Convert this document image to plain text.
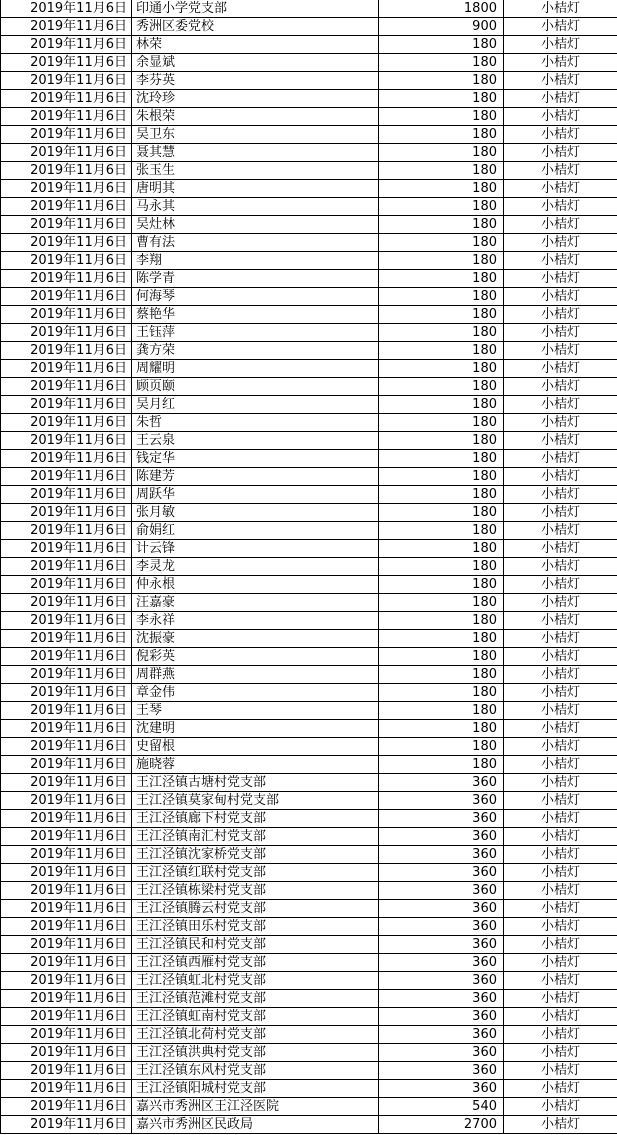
2019年11月6日	印通小学党支部	1800	小桔灯
2019年11月6日	秀洲区委党校	900	小桔灯
2019年11月6日	林荣	180	小桔灯
2019年11月6日	余显斌	180	小桔灯
2019年11月6日	李芬英	180	小桔灯
2019年11月6日	沈玲珍	180	小桔灯
2019年11月6日	朱根荣	180	小桔灯
2019年11月6日	吴卫东	180	小桔灯
2019年11月6日	聂其慧	180	小桔灯
2019年11月6日	张玉生	180	小桔灯
2019年11月6日	唐明其	180	小桔灯
2019年11月6日	马永其	180	小桔灯
2019年11月6日	吴灶林	180	小桔灯
2019年11月6日	曹有法	180	小桔灯
2019年11月6日	李翔	180	小桔灯
2019年11月6日	陈学青	180	小桔灯
2019年11月6日	何海琴	180	小桔灯
2019年11月6日	蔡艳华	180	小桔灯
2019年11月6日	王钰萍	180	小桔灯
2019年11月6日	龚方荣	180	小桔灯
2019年11月6日	周耀明	180	小桔灯
2019年11月6日	顾页颐	180	小桔灯
2019年11月6日	吴月红	180	小桔灯
2019年11月6日	朱哲	180	小桔灯
2019年11月6日	王云泉	180	小桔灯
2019年11月6日	钱定华	180	小桔灯
2019年11月6日	陈建芳	180	小桔灯
2019年11月6日	周跃华	180	小桔灯
2019年11月6日	张月敏	180	小桔灯
2019年11月6日	俞娟红	180	小桔灯
2019年11月6日	计云锋	180	小桔灯
2019年11月6日	李灵龙	180	小桔灯
2019年11月6日	仲永根	180	小桔灯
2019年11月6日	汪嘉豪	180	小桔灯
2019年11月6日	李永祥	180	小桔灯
2019年11月6日	沈振豪	180	小桔灯
2019年11月6日	倪彩英	180	小桔灯
2019年11月6日	周群燕	180	小桔灯
2019年11月6日	章金伟	180	小桔灯
2019年11月6日	王琴	180	小桔灯
2019年11月6日	沈建明	180	小桔灯
2019年11月6日	史留根	180	小桔灯
2019年11月6日	施晓蓉	180	小桔灯
2019年11月6日	王江泾镇古塘村党支部	360	小桔灯
2019年11月6日	王江泾镇莫家甸村党支部	360	小桔灯
2019年11月6日	王江泾镇廊下村党支部	360	小桔灯
2019年11月6日	王江泾镇南汇村党支部	360	小桔灯
2019年11月6日	王江泾镇沈家桥党支部	360	小桔灯
2019年11月6日	王江泾镇红联村党支部	360	小桔灯
2019年11月6日	王江泾镇栋梁村党支部	360	小桔灯
2019年11月6日	王江泾镇腾云村党支部	360	小桔灯
2019年11月6日	王江泾镇田乐村党支部	360	小桔灯
2019年11月6日	王江泾镇民和村党支部	360	小桔灯
2019年11月6日	王江泾镇西雁村党支部	360	小桔灯
2019年11月6日	王江泾镇虹北村党支部	360	小桔灯
2019年11月6日	王江泾镇范滩村党支部	360	小桔灯
2019年11月6日	王江泾镇虹南村党支部	360	小桔灯
2019年11月6日	王江泾镇北荷村党支部	360	小桔灯
2019年11月6日	王江泾镇洪典村党支部	360	小桔灯
2019年11月6日	王江泾镇东风村党支部	360	小桔灯
2019年11月6日	王江泾镇阳城村党支部	360	小桔灯
2019年11月6日	嘉兴市秀洲区王江泾医院	540	小桔灯
2019年11月6日	嘉兴市秀洲区民政局	2700	小桔灯
